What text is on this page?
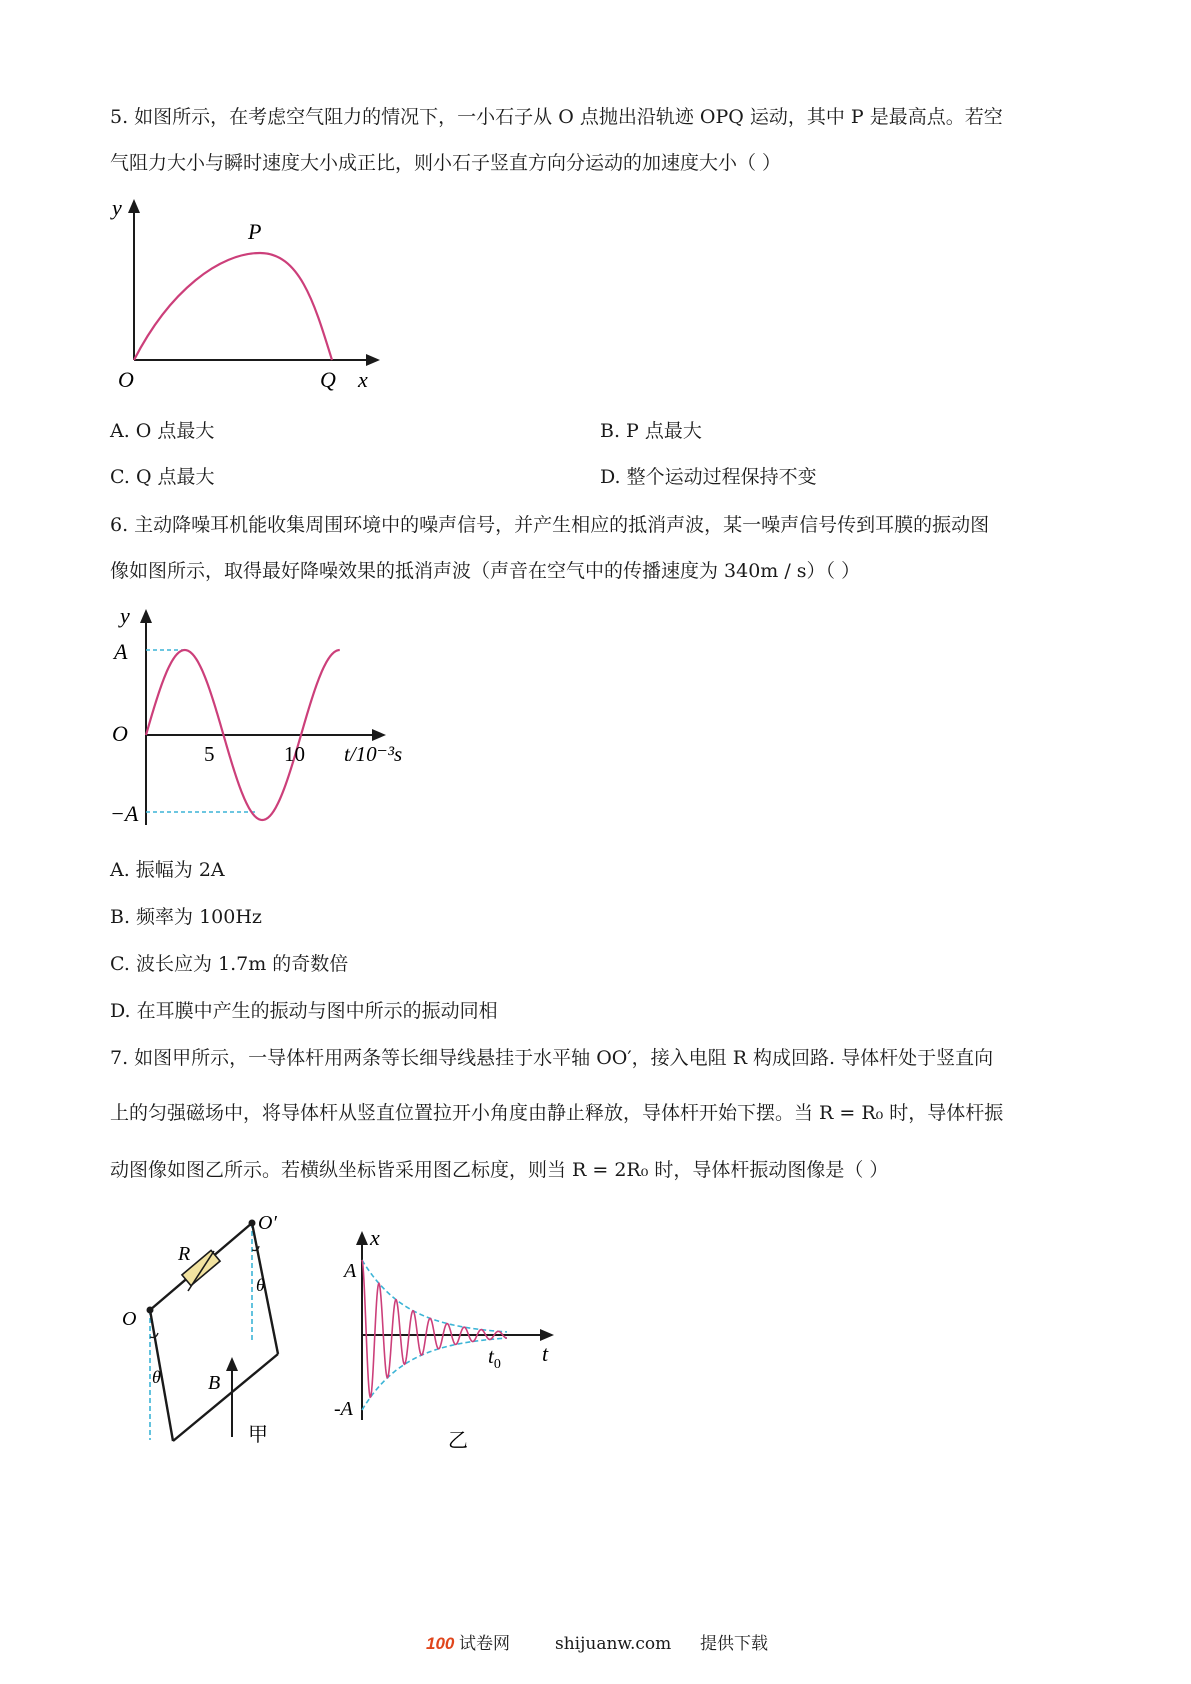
5. 如图所示，在考虑空气阻力的情况下，一小石子从 O 点抛出沿轨迹 OPQ 运动，其中 P 是最高点。若空
气阻力大小与瞬时速度大小成正比，则小石子竖直方向分运动的加速度大小（ ）
y
P
O	Q x
A. O 点最大	B. P 点最大
C. Q 点最大	D. 整个运动过程保持不变
6. 主动降噪耳机能收集周围环境中的噪声信号，并产生相应的抵消声波，某一噪声信号传到耳膜的振动图
像如图所示，取得最好降噪效果的抵消声波（声音在空气中的传播速度为 340m / s）（ ）
y
A
O
−A
5	10 t/10⁻³s
A. 振幅为 2A
B. 频率为 100Hz
C. 波长应为 1.7m 的奇数倍
D. 在耳膜中产生的振动与图中所示的振动同相
7. 如图甲所示，一导体杆用两条等长细导线悬挂于水平轴 OO′，接入电阻 R 构成回路. 导体杆处于竖直向
上的匀强磁场中，将导体杆从竖直位置拉开小角度由静止释放，导体杆开始下摆。当 R = R₀ 时，导体杆振
动图像如图乙所示。若横纵坐标皆采用图乙标度，则当 R = 2R₀ 时，导体杆振动图像是（ ）
O
O′
R
θ
θ B
甲
x
A
-A
$t_0$ t
乙
100 试卷网	shijuanw.com 提供下载
